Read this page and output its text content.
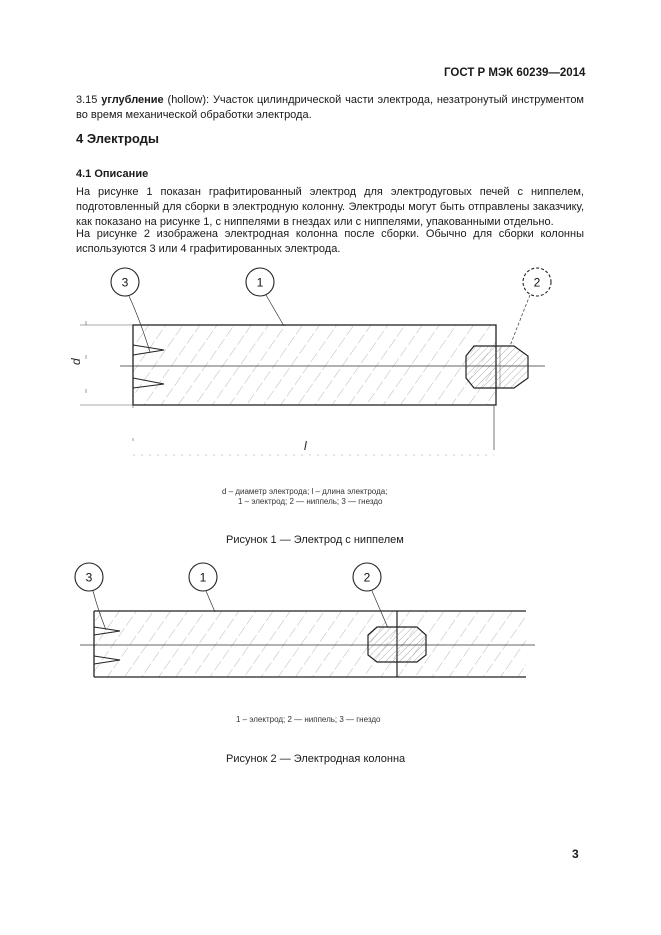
ГОСТ Р МЭК 60239—2014
3.15 углубление (hollow): Участок цилиндрической части электрода, незатронутый инструментом во время механической обработки электрода.
4 Электроды
4.1 Описание
На рисунке 1 показан графитированный электрод для электродуговых печей с ниппелем, подготовленный для сборки в электродную колонну. Электроды могут быть отправлены заказчику, как показано на рисунке 1, с ниппелями в гнездах или с ниппелями, упакованными отдельно.
На рисунке 2 изображена электродная колонна после сборки. Обычно для сборки колонны используются 3 или 4 графитированных электрода.
d
l
3	1	2
d – диаметр электрода; l – длина электрода;
1 – электрод; 2 — ниппель; 3 — гнездо
Рисунок 1 — Электрод с ниппелем
3	1	2
1 – электрод; 2 — ниппель; 3 — гнездо
Рисунок 2 — Электродная колонна
3
